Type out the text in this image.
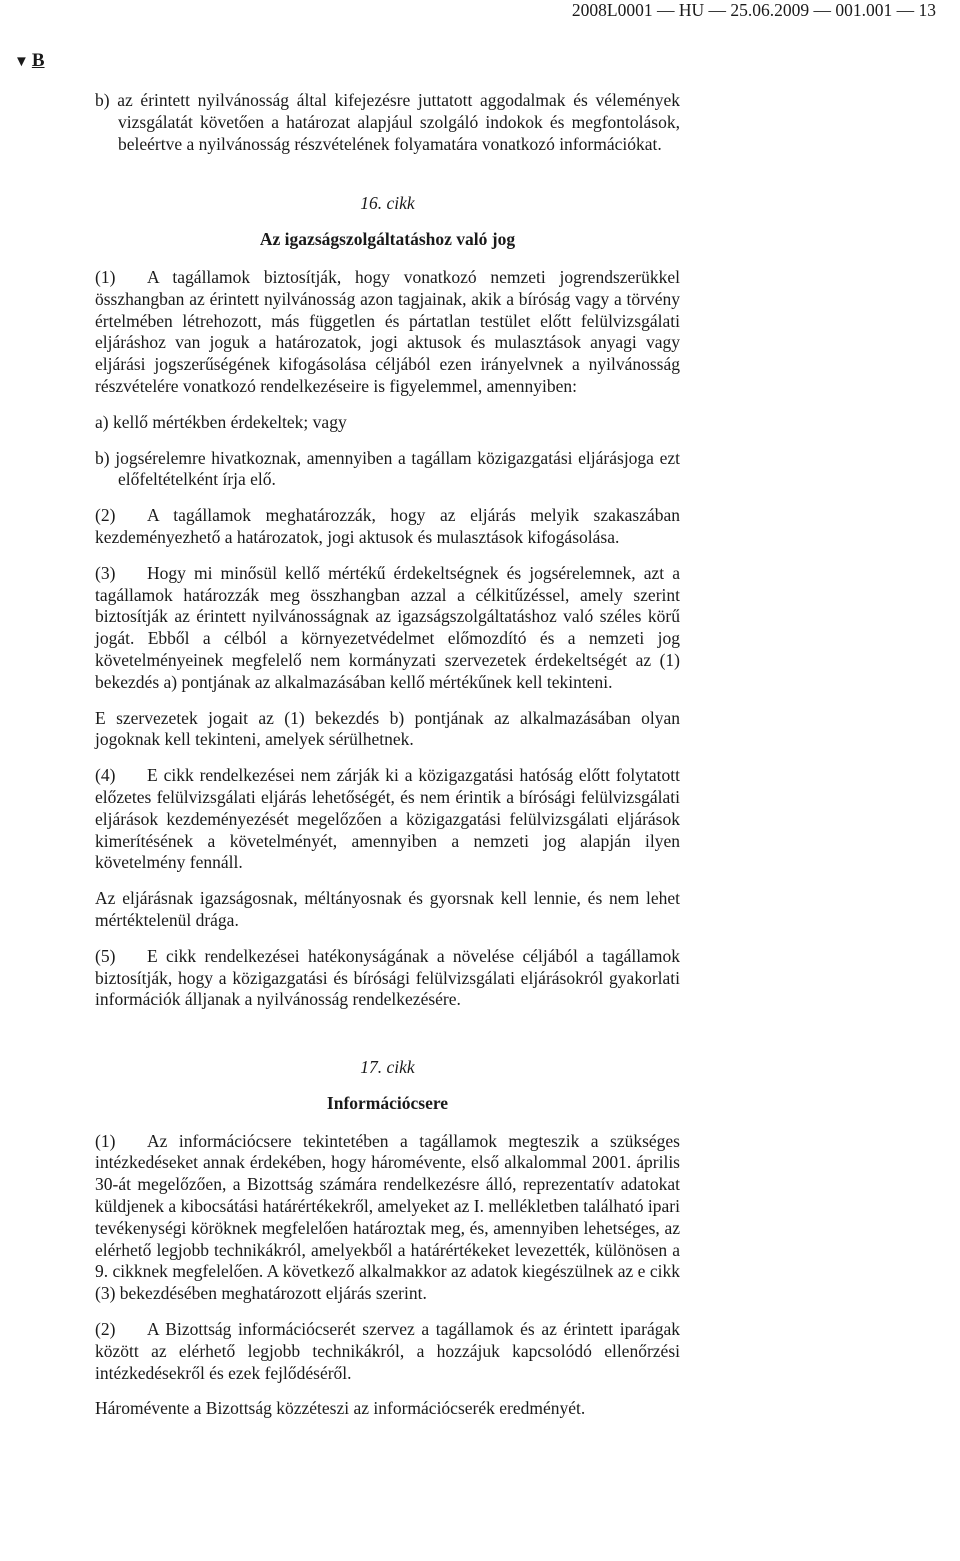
2008L0001 — HU — 25.06.2009 — 001.001 — 13
▼ B

b) az érintett nyilvánosság által kifejezésre juttatott aggodalmak és vélemények vizsgálatát követően a határozat alapjául szolgáló indokok és megfontolások, beleértve a nyilvánosság részvételének folyamatára vonatkozó információkat.

16. cikk

Az igazságszolgáltatáshoz való jog

(1) A tagállamok biztosítják, hogy vonatkozó nemzeti jogrendszerükkel összhangban az érintett nyilvánosság azon tagjainak, akik a bíróság vagy a törvény értelmében létrehozott, más független és pártatlan testület előtt felülvizsgálati eljáráshoz van joguk a határozatok, jogi aktusok és mulasztások anyagi vagy eljárási jogszerűségének kifogásolása céljából ezen irányelvnek a nyilvánosság részvételére vonatkozó rendelkezéseire is figyelemmel, amennyiben:

a) kellő mértékben érdekeltek; vagy

b) jogsérelemre hivatkoznak, amennyiben a tagállam közigazgatási eljárásjoga ezt előfeltételként írja elő.

(2) A tagállamok meghatározzák, hogy az eljárás melyik szakaszában kezdeményezhető a határozatok, jogi aktusok és mulasztások kifogásolása.

(3) Hogy mi minősül kellő mértékű érdekeltségnek és jogsérelemnek, azt a tagállamok határozzák meg összhangban azzal a célkitűzéssel, amely szerint biztosítják az érintett nyilvánosságnak az igazságszolgáltatáshoz való széles körű jogát. Ebből a célból a környezetvédelmet előmozdító és a nemzeti jog követelményeinek megfelelő nem kormányzati szervezetek érdekeltségét az (1) bekezdés a) pontjának az alkalmazásában kellő mértékűnek kell tekinteni.

E szervezetek jogait az (1) bekezdés b) pontjának az alkalmazásában olyan jogoknak kell tekinteni, amelyek sérülhetnek.

(4) E cikk rendelkezései nem zárják ki a közigazgatási hatóság előtt folytatott előzetes felülvizsgálati eljárás lehetőségét, és nem érintik a bírósági felülvizsgálati eljárások kezdeményezését megelőzően a közigazgatási felülvizsgálati eljárások kimerítésének a követelményét, amennyiben a nemzeti jog alapján ilyen követelmény fennáll.

Az eljárásnak igazságosnak, méltányosnak és gyorsnak kell lennie, és nem lehet mértéktelenül drága.

(5) E cikk rendelkezései hatékonyságának a növelése céljából a tagállamok biztosítják, hogy a közigazgatási és bírósági felülvizsgálati eljárásokról gyakorlati információk álljanak a nyilvánosság rendelkezésére.

17. cikk

Információcsere

(1) Az információcsere tekintetében a tagállamok megteszik a szükséges intézkedéseket annak érdekében, hogy háromévente, első alkalommal 2001. április 30-át megelőzően, a Bizottság számára rendelkezésre álló, reprezentatív adatokat küldjenek a kibocsátási határértékekről, amelyeket az I. mellékletben található ipari tevékenységi köröknek megfelelően határoztak meg, és, amennyiben lehetséges, az elérhető legjobb technikákról, amelyekből a határértékeket levezették, különösen a 9. cikknek megfelelően. A következő alkalmakkor az adatok kiegészülnek az e cikk (3) bekezdésében meghatározott eljárás szerint.

(2) A Bizottság információcserét szervez a tagállamok és az érintett iparágak között az elérhető legjobb technikákról, a hozzájuk kapcsolódó ellenőrzési intézkedésekről és ezek fejlődéséről.

Háromévente a Bizottság közzéteszi az információcserék eredményét.
